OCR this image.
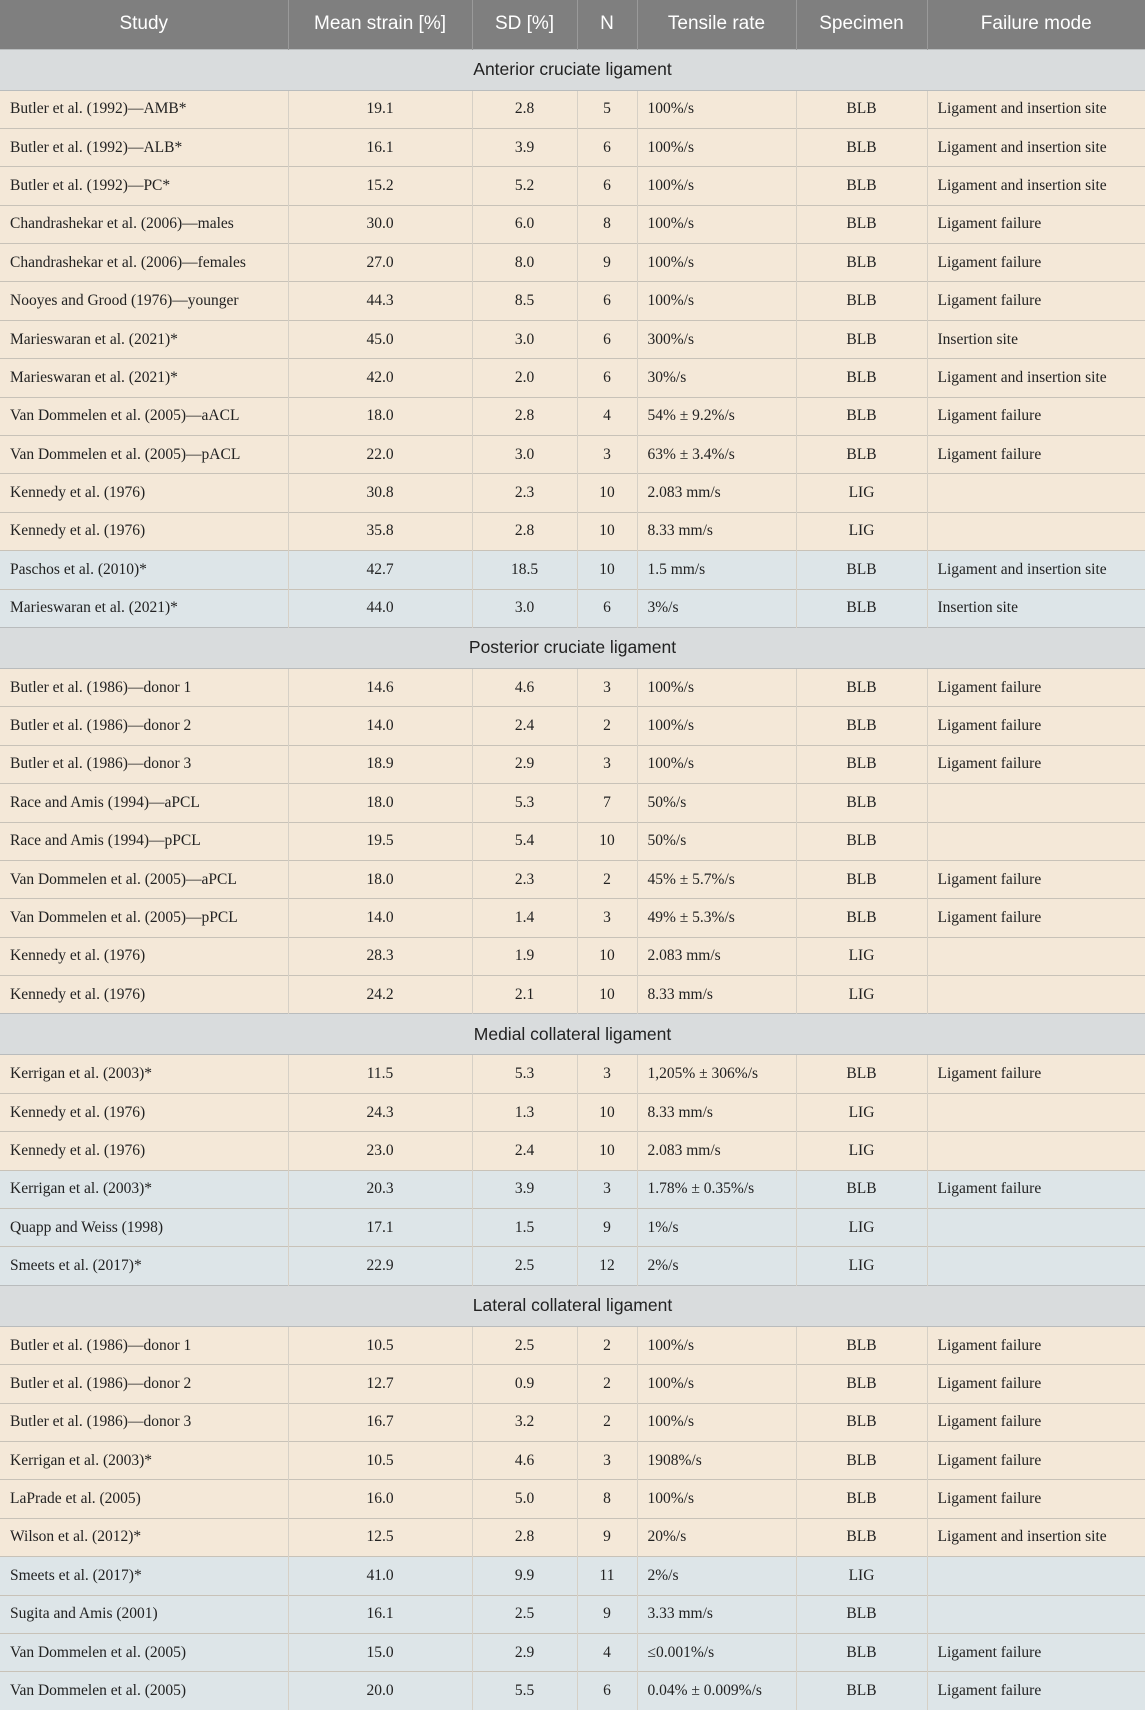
Study	Mean strain [%]	SD [%]	N	Tensile rate	Specimen	Failure mode
Anterior cruciate ligament						
Butler et al. (1992)—AMB*	19.1	2.8	5	100%/s	BLB	Ligament and insertion site
Butler et al. (1992)—ALB*	16.1	3.9	6	100%/s	BLB	Ligament and insertion site
Butler et al. (1992)—PC*	15.2	5.2	6	100%/s	BLB	Ligament and insertion site
Chandrashekar et al. (2006)—males	30.0	6.0	8	100%/s	BLB	Ligament failure
Chandrashekar et al. (2006)—females	27.0	8.0	9	100%/s	BLB	Ligament failure
Nooyes and Grood (1976)—younger	44.3	8.5	6	100%/s	BLB	Ligament failure
Marieswaran et al. (2021)*	45.0	3.0	6	300%/s	BLB	Insertion site
Marieswaran et al. (2021)*	42.0	2.0	6	30%/s	BLB	Ligament and insertion site
Van Dommelen et al. (2005)—aACL	18.0	2.8	4	54% ± 9.2%/s	BLB	Ligament failure
Van Dommelen et al. (2005)—pACL	22.0	3.0	3	63% ± 3.4%/s	BLB	Ligament failure
Kennedy et al. (1976)	30.8	2.3	10	2.083 mm/s	LIG	
Kennedy et al. (1976)	35.8	2.8	10	8.33 mm/s	LIG	
Paschos et al. (2010)*	42.7	18.5	10	1.5 mm/s	BLB	Ligament and insertion site
Marieswaran et al. (2021)*	44.0	3.0	6	3%/s	BLB	Insertion site
Posterior cruciate ligament						
Butler et al. (1986)—donor 1	14.6	4.6	3	100%/s	BLB	Ligament failure
Butler et al. (1986)—donor 2	14.0	2.4	2	100%/s	BLB	Ligament failure
Butler et al. (1986)—donor 3	18.9	2.9	3	100%/s	BLB	Ligament failure
Race and Amis (1994)—aPCL	18.0	5.3	7	50%/s	BLB	
Race and Amis (1994)—pPCL	19.5	5.4	10	50%/s	BLB	
Van Dommelen et al. (2005)—aPCL	18.0	2.3	2	45% ± 5.7%/s	BLB	Ligament failure
Van Dommelen et al. (2005)—pPCL	14.0	1.4	3	49% ± 5.3%/s	BLB	Ligament failure
Kennedy et al. (1976)	28.3	1.9	10	2.083 mm/s	LIG	
Kennedy et al. (1976)	24.2	2.1	10	8.33 mm/s	LIG	
Medial collateral ligament						
Kerrigan et al. (2003)*	11.5	5.3	3	1,205% ± 306%/s	BLB	Ligament failure
Kennedy et al. (1976)	24.3	1.3	10	8.33 mm/s	LIG	
Kennedy et al. (1976)	23.0	2.4	10	2.083 mm/s	LIG	
Kerrigan et al. (2003)*	20.3	3.9	3	1.78% ± 0.35%/s	BLB	Ligament failure
Quapp and Weiss (1998)	17.1	1.5	9	1%/s	LIG	
Smeets et al. (2017)*	22.9	2.5	12	2%/s	LIG	
Lateral collateral ligament						
Butler et al. (1986)—donor 1	10.5	2.5	2	100%/s	BLB	Ligament failure
Butler et al. (1986)—donor 2	12.7	0.9	2	100%/s	BLB	Ligament failure
Butler et al. (1986)—donor 3	16.7	3.2	2	100%/s	BLB	Ligament failure
Kerrigan et al. (2003)*	10.5	4.6	3	1908%/s	BLB	Ligament failure
LaPrade et al. (2005)	16.0	5.0	8	100%/s	BLB	Ligament failure
Wilson et al. (2012)*	12.5	2.8	9	20%/s	BLB	Ligament and insertion site
Smeets et al. (2017)*	41.0	9.9	11	2%/s	LIG	
Sugita and Amis (2001)	16.1	2.5	9	3.33 mm/s	BLB	
Van Dommelen et al. (2005)	15.0	2.9	4	≤0.001%/s	BLB	Ligament failure
Van Dommelen et al. (2005)	20.0	5.5	6	0.04% ± 0.009%/s	BLB	Ligament failure
